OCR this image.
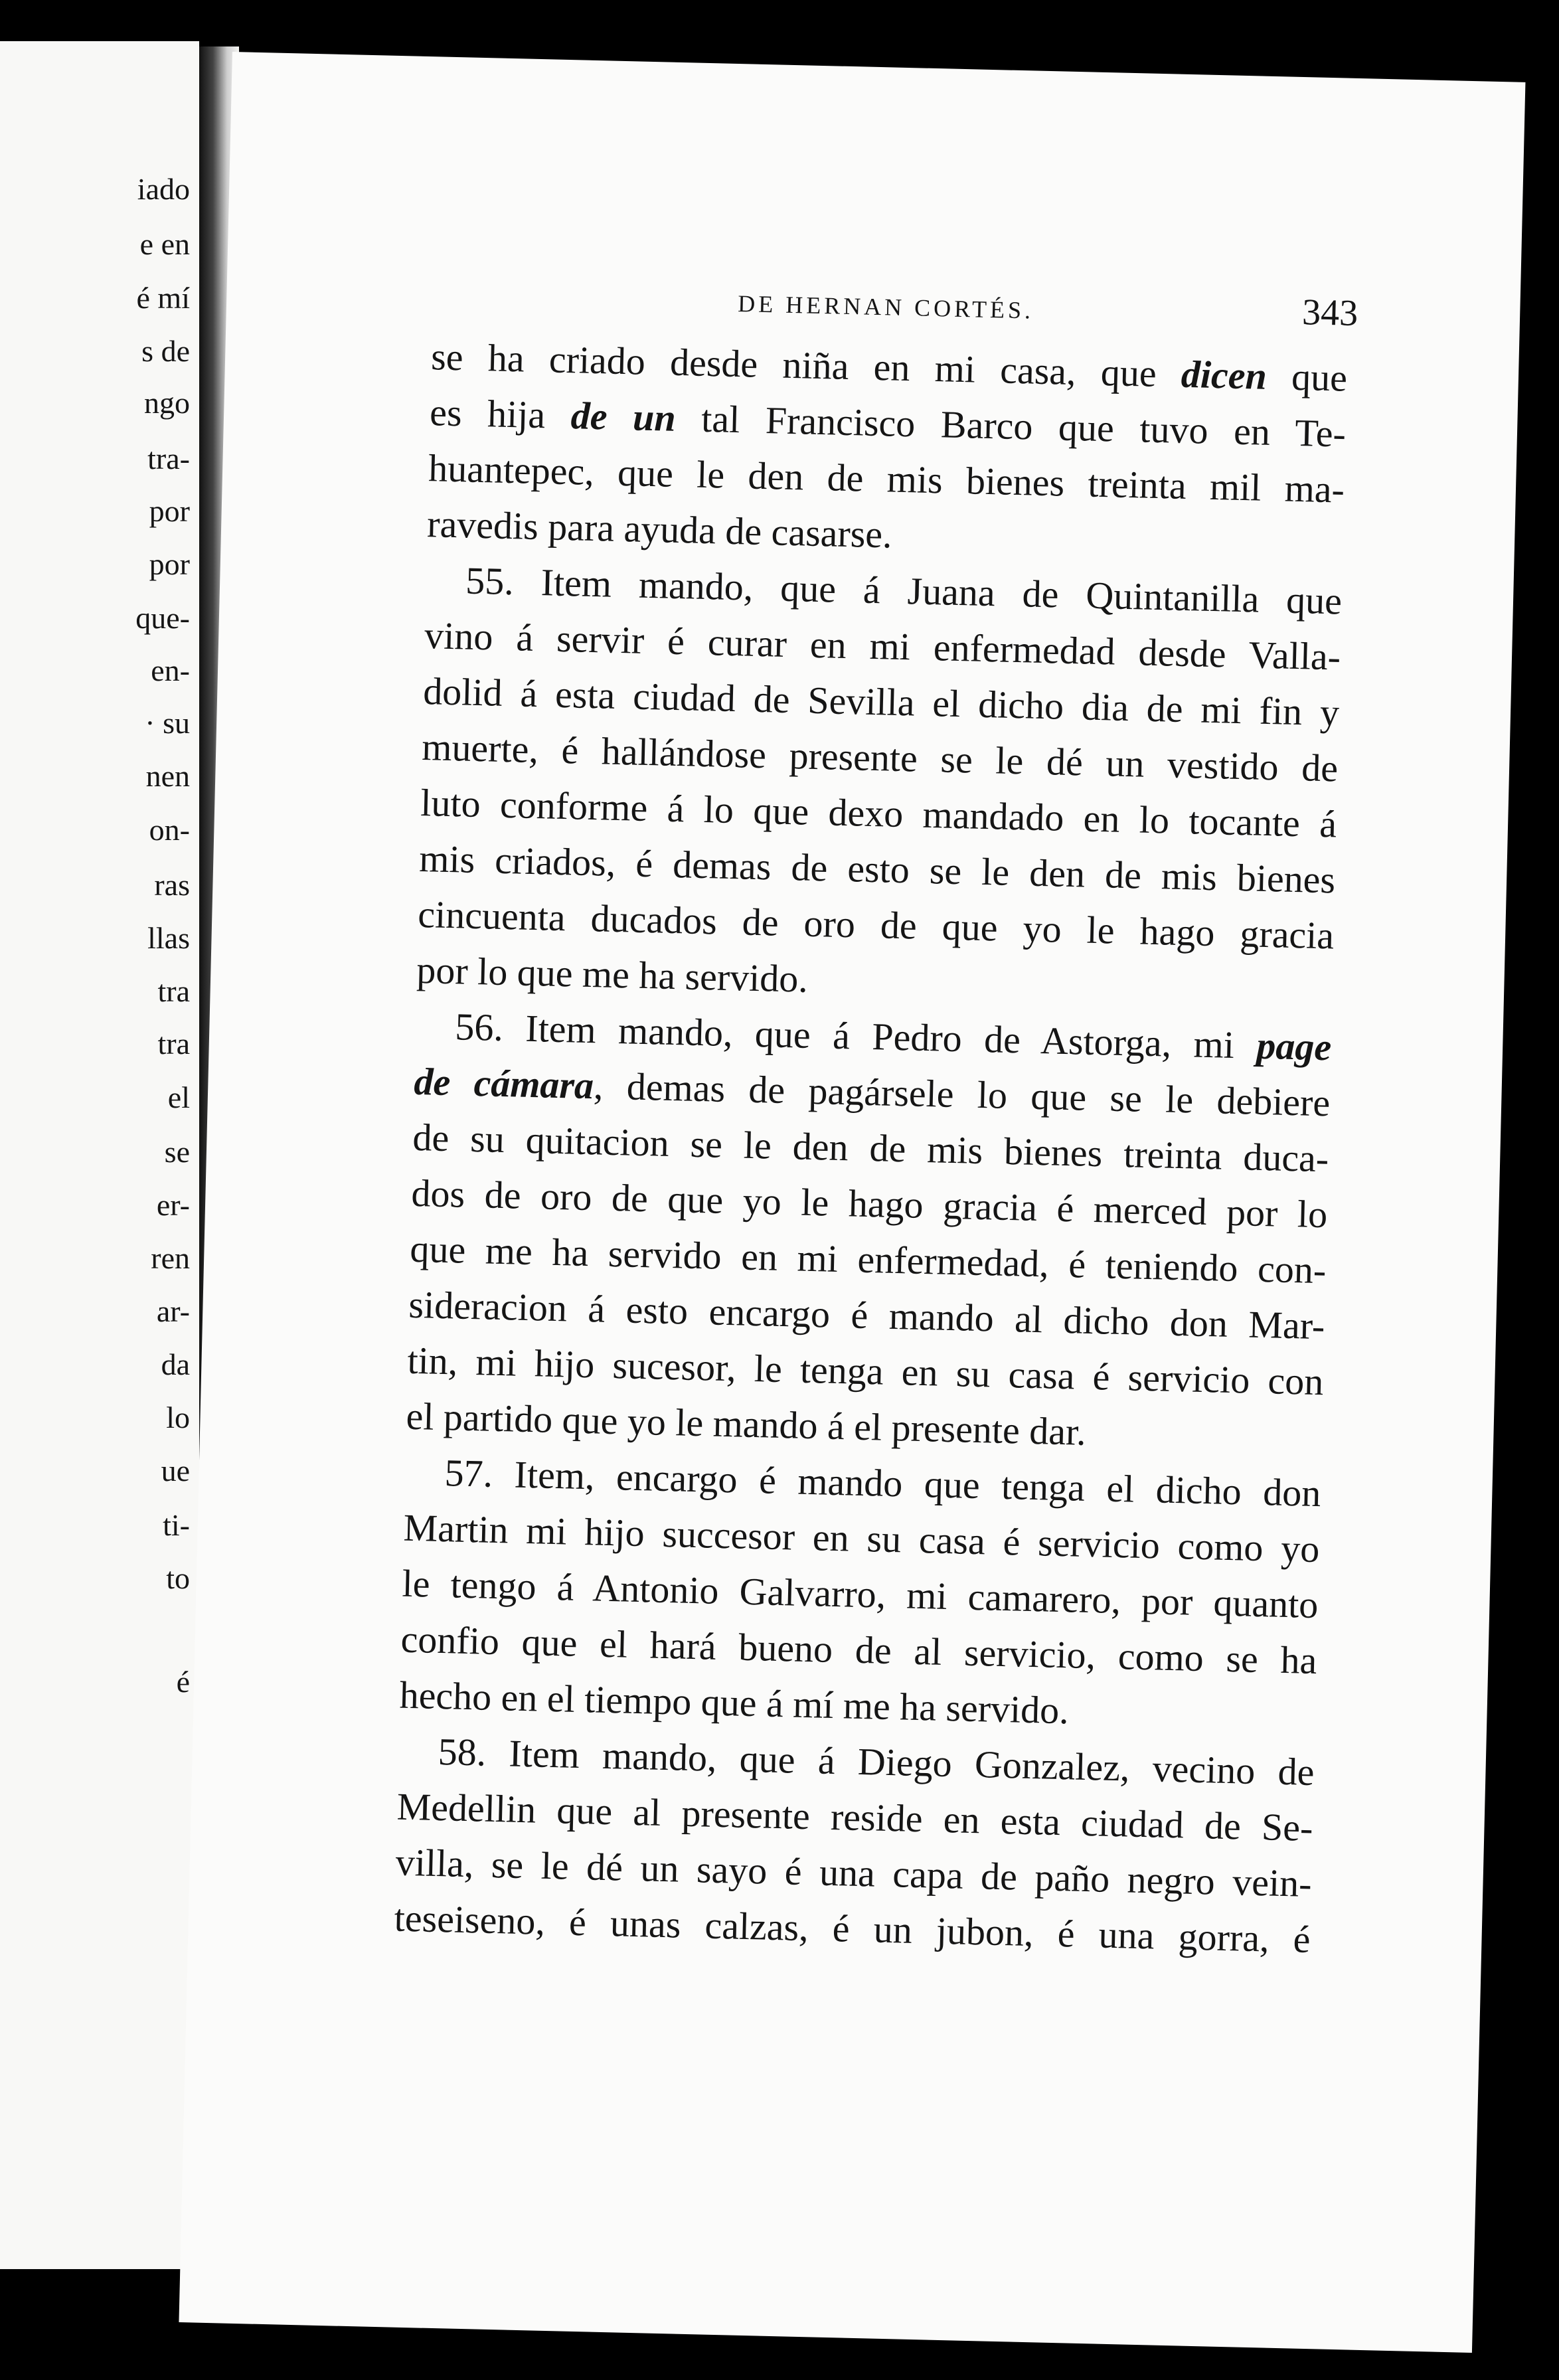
iado
e en
é mí
s de
ngo
tra-
por
por
que-
en-
· su
nen
on-
ras
llas
tra
tra
el
se
er-
ren
ar-
da
lo
ue
ti-
to
é
DE HERNAN CORTÉS.	343
se ha criado desde niña en mi casa, que dicen que
es hija de un tal Francisco Barco que tuvo en Te-
huantepec, que le den de mis bienes treinta mil ma-
ravedis para ayuda de casarse.
55. Item mando, que á Juana de Quintanilla que
vino á servir é curar en mi enfermedad desde Valla-
dolid á esta ciudad de Sevilla el dicho dia de mi fin y
muerte, é hallándose presente se le dé un vestido de
luto conforme á lo que dexo mandado en lo tocante á
mis criados, é demas de esto se le den de mis bienes
cincuenta ducados de oro de que yo le hago gracia
por lo que me ha servido.
56. Item mando, que á Pedro de Astorga, mi page
de cámara, demas de pagársele lo que se le debiere
de su quitacion se le den de mis bienes treinta duca-
dos de oro de que yo le hago gracia é merced por lo
que me ha servido en mi enfermedad, é teniendo con-
sideracion á esto encargo é mando al dicho don Mar-
tin, mi hijo sucesor, le tenga en su casa é servicio con
el partido que yo le mando á el presente dar.
57. Item, encargo é mando que tenga el dicho don
Martin mi hijo succesor en su casa é servicio como yo
le tengo á Antonio Galvarro, mi camarero, por quanto
confio que el hará bueno de al servicio, como se ha
hecho en el tiempo que á mí me ha servido.
58. Item mando, que á Diego Gonzalez, vecino de
Medellin que al presente reside en esta ciudad de Se-
villa, se le dé un sayo é una capa de paño negro vein-
teseiseno, é unas calzas, é un jubon, é una gorra, é
